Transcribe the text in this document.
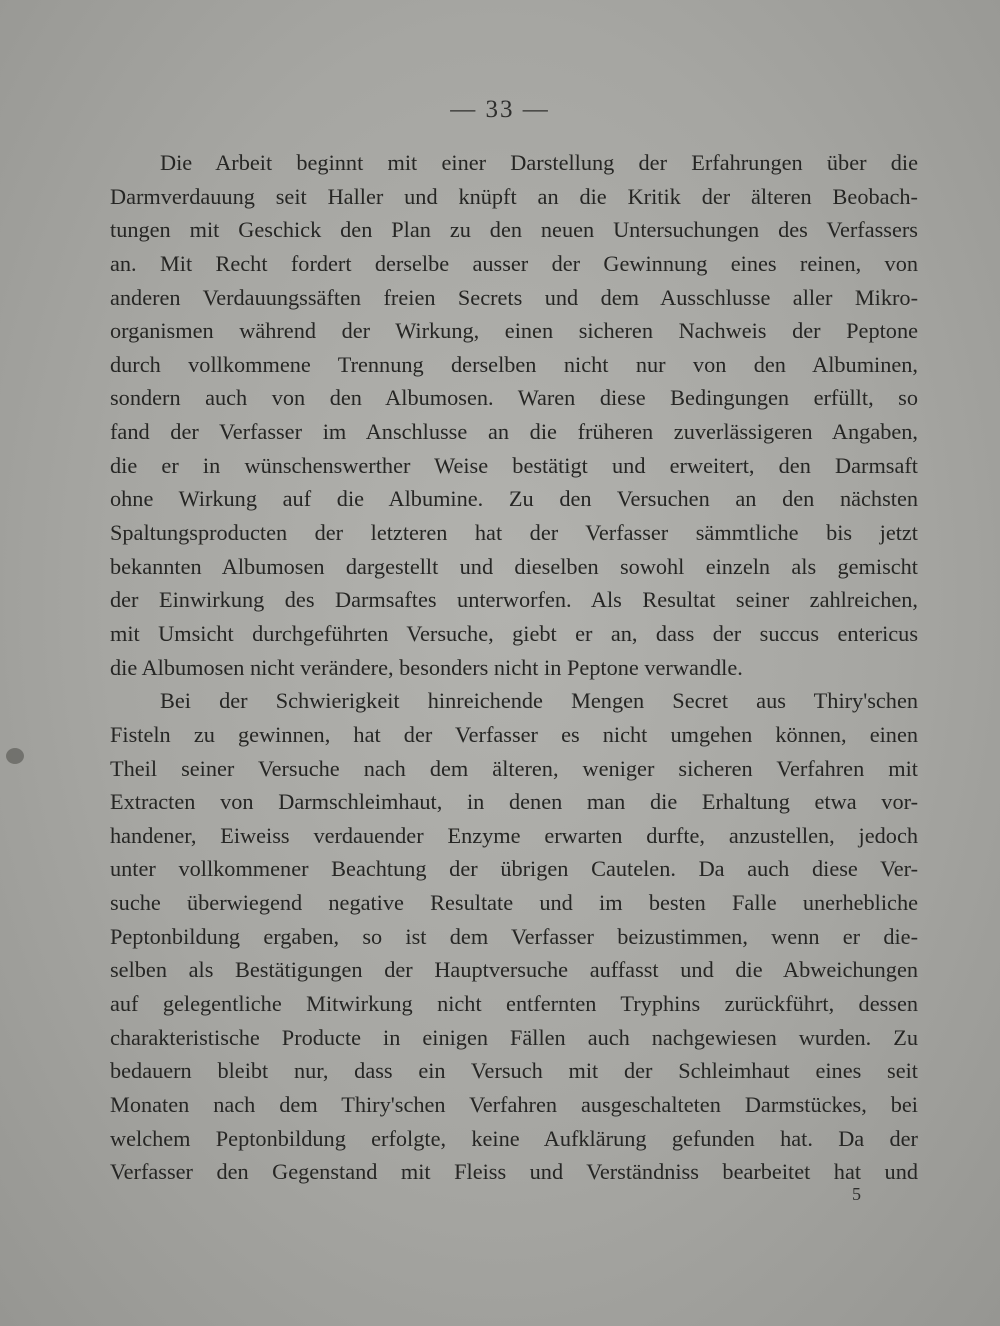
— 33 —
Die Arbeit beginnt mit einer Darstellung der Erfahrungen über die
Darmverdauung seit Haller und knüpft an die Kritik der älteren Beobach-
tungen mit Geschick den Plan zu den neuen Untersuchungen des Verfassers
an. Mit Recht fordert derselbe ausser der Gewinnung eines reinen, von
anderen Verdauungssäften freien Secrets und dem Ausschlusse aller Mikro-
organismen während der Wirkung, einen sicheren Nachweis der Peptone
durch vollkommene Trennung derselben nicht nur von den Albuminen,
sondern auch von den Albumosen. Waren diese Bedingungen erfüllt, so
fand der Verfasser im Anschlusse an die früheren zuverlässigeren Angaben,
die er in wünschenswerther Weise bestätigt und erweitert, den Darmsaft
ohne Wirkung auf die Albumine. Zu den Versuchen an den nächsten
Spaltungsproducten der letzteren hat der Verfasser sämmtliche bis jetzt
bekannten Albumosen dargestellt und dieselben sowohl einzeln als gemischt
der Einwirkung des Darmsaftes unterworfen. Als Resultat seiner zahlreichen,
mit Umsicht durchgeführten Versuche, giebt er an, dass der succus entericus
die Albumosen nicht verändere, besonders nicht in Peptone verwandle.
Bei der Schwierigkeit hinreichende Mengen Secret aus Thiry'schen
Fisteln zu gewinnen, hat der Verfasser es nicht umgehen können, einen
Theil seiner Versuche nach dem älteren, weniger sicheren Verfahren mit
Extracten von Darmschleimhaut, in denen man die Erhaltung etwa vor-
handener, Eiweiss verdauender Enzyme erwarten durfte, anzustellen, jedoch
unter vollkommener Beachtung der übrigen Cautelen. Da auch diese Ver-
suche überwiegend negative Resultate und im besten Falle unerhebliche
Peptonbildung ergaben, so ist dem Verfasser beizustimmen, wenn er die-
selben als Bestätigungen der Hauptversuche auffasst und die Abweichungen
auf gelegentliche Mitwirkung nicht entfernten Tryphins zurückführt, dessen
charakteristische Producte in einigen Fällen auch nachgewiesen wurden. Zu
bedauern bleibt nur, dass ein Versuch mit der Schleimhaut eines seit
Monaten nach dem Thiry'schen Verfahren ausgeschalteten Darmstückes, bei
welchem Peptonbildung erfolgte, keine Aufklärung gefunden hat. Da der
Verfasser den Gegenstand mit Fleiss und Verständniss bearbeitet hat und
5
